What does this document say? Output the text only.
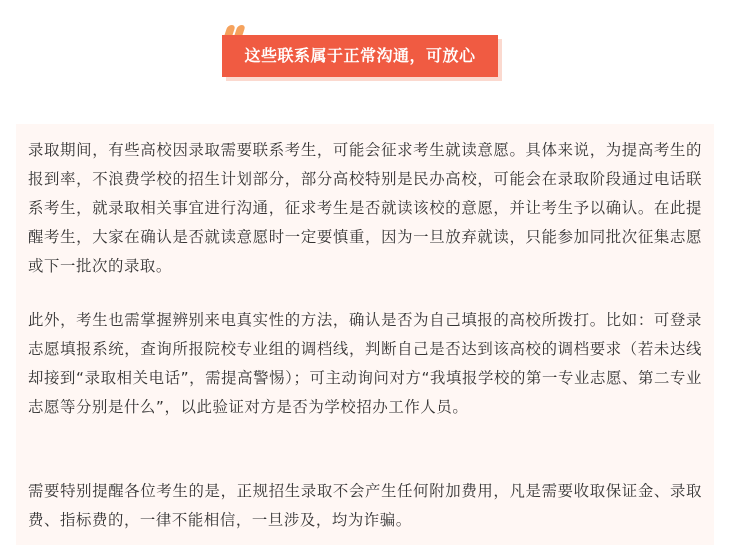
这些联系属于正常沟通，可放心

录取期间，有些高校因录取需要联系考生，可能会征求考生就读意愿。具体来说，为提高考生的报到率，不浪费学校的招生计划部分，部分高校特别是民办高校，可能会在录取阶段通过电话联系考生，就录取相关事宜进行沟通，征求考生是否就读该校的意愿，并让考生予以确认。在此提醒考生，大家在确认是否就读意愿时一定要慎重，因为一旦放弃就读，只能参加同批次征集志愿或下一批次的录取。

此外，考生也需掌握辨别来电真实性的方法，确认是否为自己填报的高校所拨打。比如：可登录志愿填报系统，查询所报院校专业组的调档线，判断自己是否达到该高校的调档要求（若未达线却接到“录取相关电话”，需提高警惕）；可主动询问对方“我填报学校的第一专业志愿、第二专业志愿等分别是什么”，以此验证对方是否为学校招办工作人员。

需要特别提醒各位考生的是，正规招生录取不会产生任何附加费用，凡是需要收取保证金、录取费、指标费的，一律不能相信，一旦涉及，均为诈骗。
